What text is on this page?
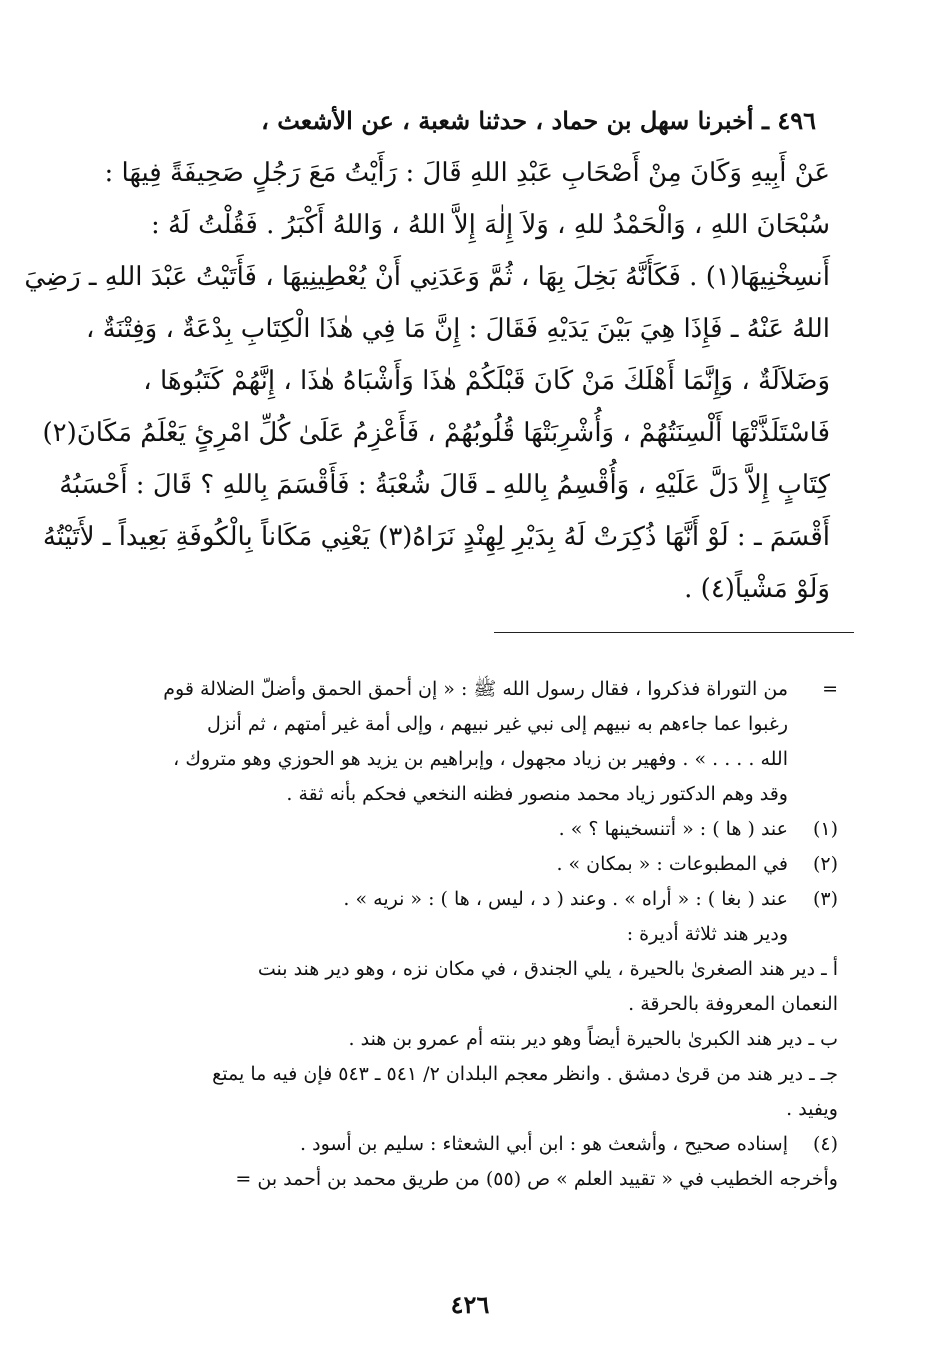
٤٩٦ ـ أخبرنا سهل بن حماد ، حدثنا شعبة ، عن الأشعث ،
عَنْ أَبِيهِ وَكَانَ مِنْ أَصْحَابِ عَبْدِ اللهِ قَالَ : رَأَيْتُ مَعَ رَجُلٍ صَحِيفَةً فِيهَا :
سُبْحَانَ اللهِ ، وَالْحَمْدُ للهِ ، وَلاَ إِلٰهَ إِلاَّ اللهُ ، وَاللهُ أَكْبَرُ . فَقُلْتُ لَهُ :
أَنسِخْنِيهَا(١) . فَكَأَنَّهُ بَخِلَ بِهَا ، ثُمَّ وَعَدَنِي أَنْ يُعْطِينِيهَا ، فَأَتَيْتُ عَبْدَ اللهِ ـ رَضِيَ
اللهُ عَنْهُ ـ فَإِذَا هِيَ بَيْنَ يَدَيْهِ فَقَالَ : إِنَّ مَا فِي هٰذَا الْكِتَابِ بِدْعَةٌ ، وَفِتْنَةٌ ،
وَضَلاَلَةٌ ، وَإِنَّمَا أَهْلَكَ مَنْ كَانَ قَبْلَكُمْ هٰذَا وَأَشْبَاهُ هٰذَا ، إِنَّهُمْ كَتَبُوهَا ،
فَاسْتَلَذَّتْهَا أَلْسِنَتُهُمْ ، وَأُشْرِبَتْهَا قُلُوبُهُمْ ، فَأَعْزِمُ عَلَىٰ كُلِّ امْرِئٍ يَعْلَمُ مَكَانَ(٢)
كِتَابٍ إِلاَّ دَلَّ عَلَيْهِ ، وَأُقْسِمُ بِاللهِ ـ قَالَ شُعْبَةُ : فَأَقْسَمَ بِاللهِ ؟ قَالَ : أَحْسَبُهُ
أَقْسَمَ ـ : لَوْ أَنَّهَا ذُكِرَتْ لَهُ بِدَيْرِ لِهِنْدٍ نَرَاهُ(٣) يَعْنِي مَكَاناً بِالْكُوفَةِ بَعِيداً ـ لأَتَيْتُهُ
وَلَوْ مَشْياً(٤) .
=
من التوراة فذكروا ، فقال رسول الله ﷺ : « إن أحمق الحمق وأضلّ الضلالة قوم
رغبوا عما جاءهم به نبيهم إلى نبي غير نبيهم ، وإلى أمة غير أمتهم ، ثم أنزل
الله . . . . » . وفهير بن زياد مجهول ، وإبراهيم بن يزيد هو الحوزي وهو متروك ،
وقد وهم الدكتور زياد محمد منصور فظنه النخعي فحكم بأنه ثقة .
(١)
عند ( ها ) : « أتنسخينها ؟ » .
(٢)
في المطبوعات : « بمكان » .
(٣)
عند ( بغا ) : « أراه » . وعند ( د ، ليس ، ها ) : « نريه » .
ودير هند ثلاثة أديرة :
أ ـ دير هند الصغرىٰ بالحيرة ، يلي الجندق ، في مكان نزه ، وهو دير هند بنت
النعمان المعروفة بالحرقة .
ب ـ دير هند الكبرىٰ بالحيرة أيضاً وهو دير بنته أم عمرو بن هند .
جـ ـ دير هند من قرىٰ دمشق . وانظر معجم البلدان ٢/ ٥٤١ ـ ٥٤٣ فإن فيه ما يمتع
ويفيد .
(٤)
إسناده صحيح ، وأشعث هو : ابن أبي الشعثاء : سليم بن أسود .
وأخرجه الخطيب في « تقييد العلم » ص (٥٥) من طريق محمد بن أحمد بن =
٤٢٦
